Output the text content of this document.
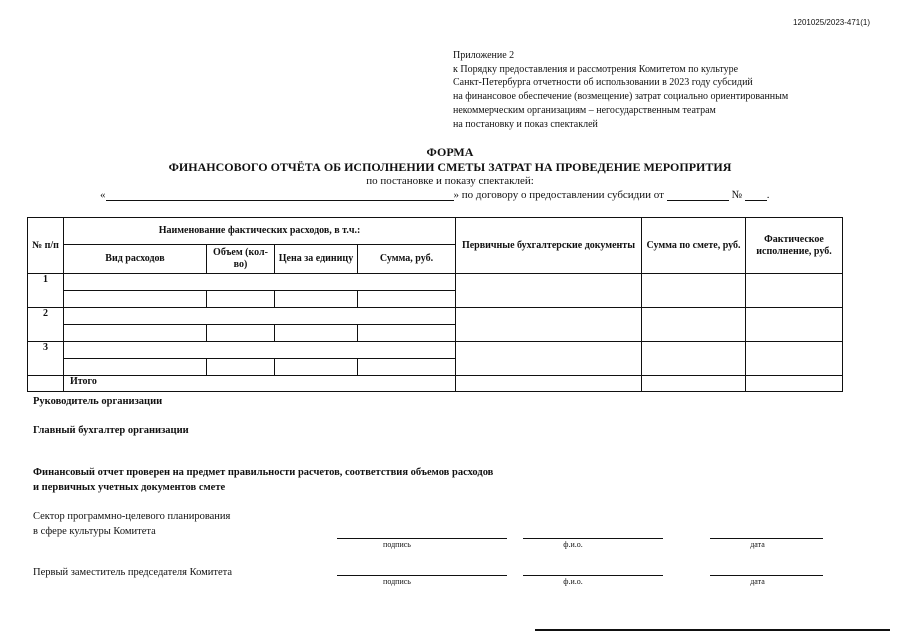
1201025/2023-471(1)
Приложение 2
к Порядку предоставления и рассмотрения Комитетом по культуре
Санкт-Петербурга отчетности об использовании в 2023 году субсидий
на финансовое обеспечение (возмещение) затрат социально ориентированным
некоммерческим организациям – негосударственным театрам
на постановку и показ спектаклей
ФОРМА
ФИНАНСОВОГО ОТЧЁТА ОБ ИСПОЛНЕНИИ СМЕТЫ ЗАТРАТ НА ПРОВЕДЕНИЕ МЕРОПРИТИЯ
по постановке и показу спектаклей:
«	» по договору о предоставлении субсидии от	№ .
№ п/п	Наименование фактических расходов, в т.ч.:				Первичные бухгалтерские документы	Сумма по смете, руб.	Фактическое исполнение, руб.
	Вид расходов	Объем (кол-во)	Цена за единицу	Сумма, руб.			
1							

2							

3							

	Итого						
Руководитель организации
Главный бухгалтер организации
Финансовый отчет проверен на предмет правильности расчетов, соответствия объемов расходов
и первичных учетных документов смете
Сектор программно-целевого планирования
в сфере культуры Комитета
подпись	ф.и.о.	дата
Первый заместитель председателя Комитета
подпись	ф.и.о.	дата
